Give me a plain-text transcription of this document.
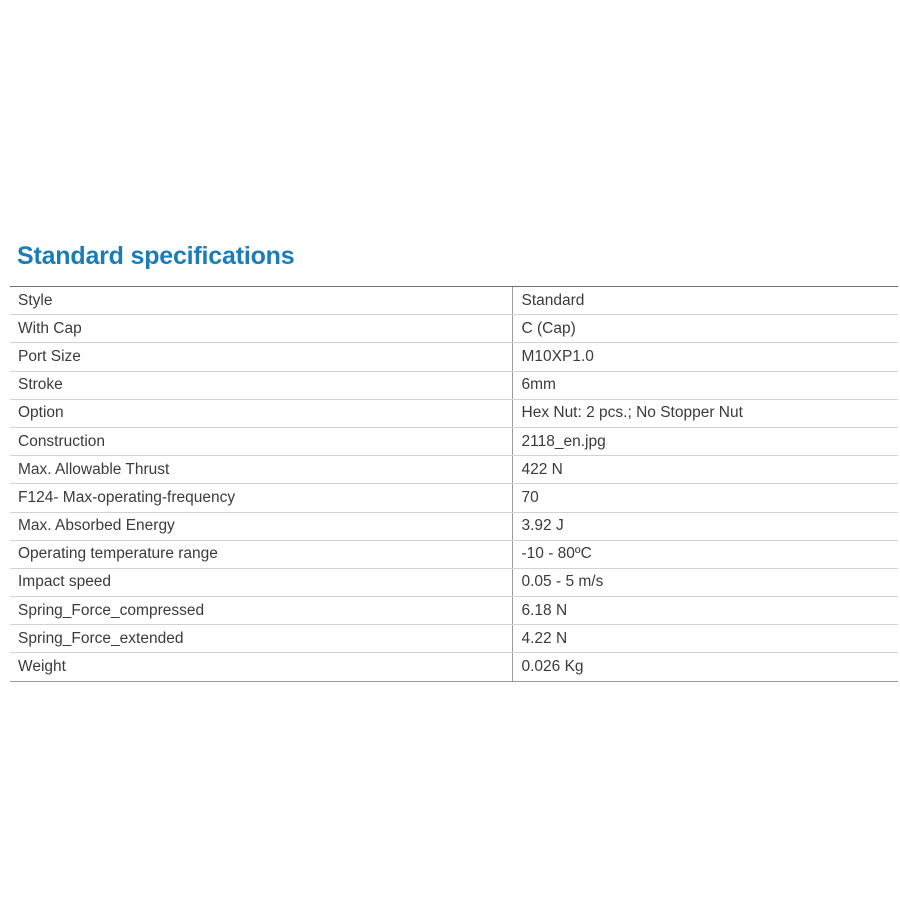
Standard specifications
Style	Standard
With Cap	C (Cap)
Port Size	M10XP1.0
Stroke	6mm
Option	Hex Nut: 2 pcs.; No Stopper Nut
Construction	2118_en.jpg
Max. Allowable Thrust	422 N
F124- Max-operating-frequency	70
Max. Absorbed Energy	3.92 J
Operating temperature range	-10 - 80ºC
Impact speed	0.05 - 5 m/s
Spring_Force_compressed	6.18 N
Spring_Force_extended	4.22 N
Weight	0.026 Kg
